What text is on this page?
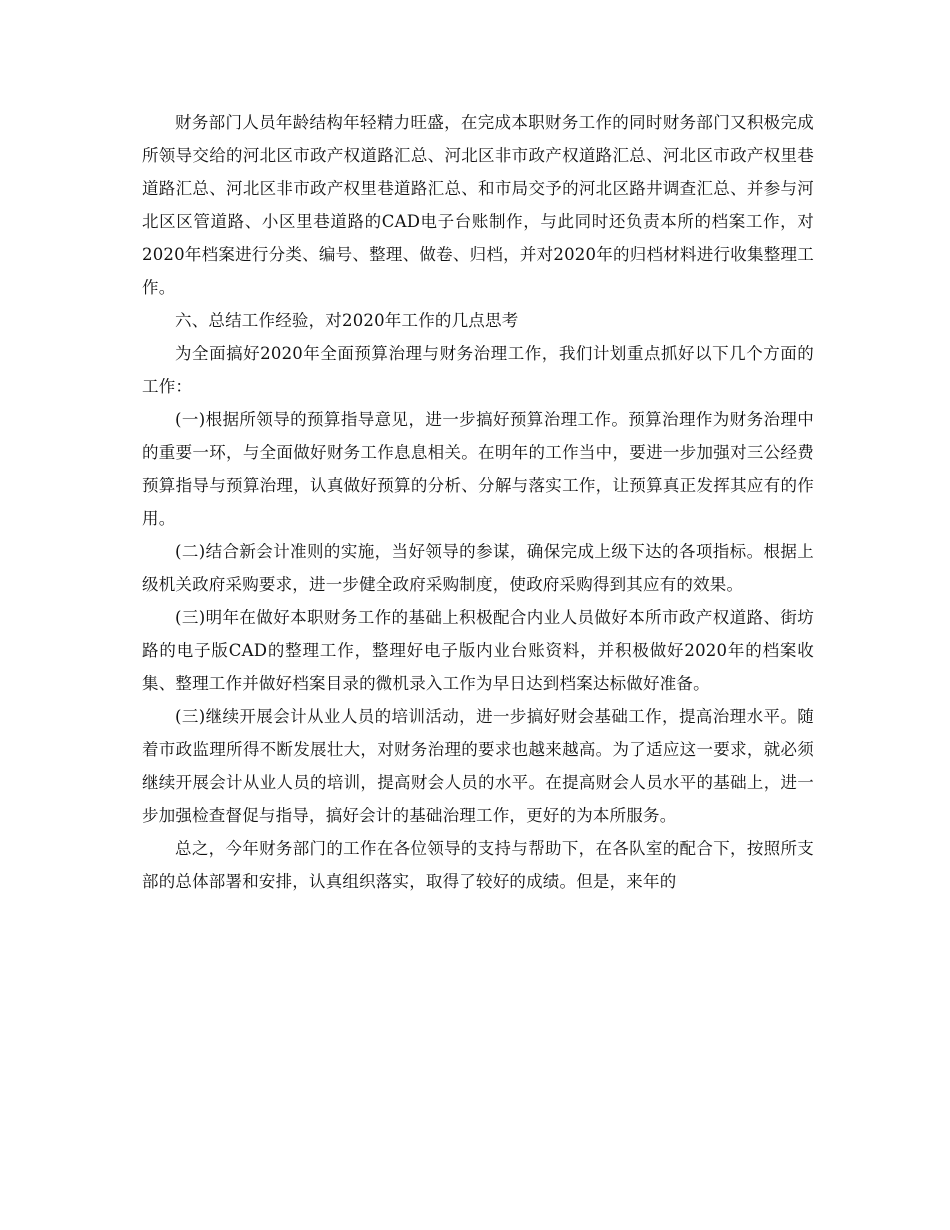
财务部门人员年龄结构年轻精力旺盛，在完成本职财务工作的同时财务部门又积极完成所领导交给的河北区市政产权道路汇总、河北区非市政产权道路汇总、河北区市政产权里巷道路汇总、河北区非市政产权里巷道路汇总、和市局交予的河北区路井调查汇总、并参与河北区区管道路、小区里巷道路的CAD电子台账制作，与此同时还负责本所的档案工作，对2020年档案进行分类、编号、整理、做卷、归档，并对2020年的归档材料进行收集整理工作。

六、总结工作经验，对2020年工作的几点思考

为全面搞好2020年全面预算治理与财务治理工作，我们计划重点抓好以下几个方面的工作：

(一)根据所领导的预算指导意见，进一步搞好预算治理工作。预算治理作为财务治理中的重要一环，与全面做好财务工作息息相关。在明年的工作当中，要进一步加强对三公经费预算指导与预算治理，认真做好预算的分析、分解与落实工作，让预算真正发挥其应有的作用。

(二)结合新会计准则的实施，当好领导的参谋，确保完成上级下达的各项指标。根据上级机关政府采购要求，进一步健全政府采购制度，使政府采购得到其应有的效果。

(三)明年在做好本职财务工作的基础上积极配合内业人员做好本所市政产权道路、街坊路的电子版CAD的整理工作，整理好电子版内业台账资料，并积极做好2020年的档案收集、整理工作并做好档案目录的微机录入工作为早日达到档案达标做好准备。

(三)继续开展会计从业人员的培训活动，进一步搞好财会基础工作，提高治理水平。随着市政监理所得不断发展壮大，对财务治理的要求也越来越高。为了适应这一要求，就必须继续开展会计从业人员的培训，提高财会人员的水平。在提高财会人员水平的基础上，进一步加强检查督促与指导，搞好会计的基础治理工作，更好的为本所服务。

总之，今年财务部门的工作在各位领导的支持与帮助下，在各队室的配合下，按照所支部的总体部署和安排，认真组织落实，取得了较好的成绩。但是，来年的
